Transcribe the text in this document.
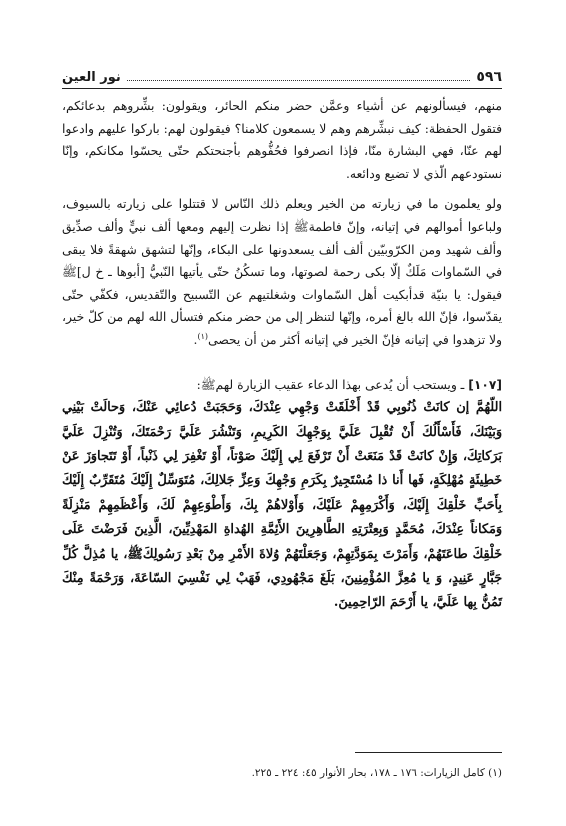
٥٩٦
نور العين

منهم، فيسألونهم عن أشياء وعمَّن حضر منكم الحائر، ويقولون: بشِّروهم بدعائكم، فتقول الحفظة: كيف نبشِّرهم وهم لا يسمعون كلامنا؟ فيقولون لهم: باركوا عليهم وادعوا لهم عنّا، فهي البشارة منّا، فإذا انصرفوا فحُفُّوهم بأجنحتكم حتّى يحسّوا مكانكم، وإنّا نستودعهم الّذي لا تضيع ودائعه.

ولو يعلمون ما في زيارته من الخير ويعلم ذلك النّاس لا قتتلوا على زيارته بالسيوف، ولباعوا أموالهم في إتيانه، وإنّ فاطمةﷺ إذا نظرت إليهم ومعها ألف نبيٍّ وألف صدِّيق وألف شهيد ومن الكرّوبيّين ألف ألف يسعدونها على البكاء، وإنّها لتشهق شهقةً فلا يبقى في السّماوات مَلَكٌ إلّا بكى رحمة لصوتها، وما تسكُنُ حتّى يأتيها النّبيُّ [أبوها ـ خ ل]ﷺ فيقول: يا بنيّة قدأبكيت أهل السّماوات وشغلتيهم عن التّسبيح والتّقديس، فكفّي حتّى يقدّسوا، فإنّ الله بالغ أمره، وإنّها لتنظر إلى من حضر منكم فتسأل الله لهم من كلّ خير، ولا تزهدوا في إتيانه فإنّ الخير في إتيانه أكثر من أن يحصى$^{(١)}$.

[١٠٧] ـ ويستحب أن يُدعى بهذا الدعاء عقيب الزيارة لهمﷺ:

اللّهُمَّ إن كانَتْ ذُنُوبِي قَدْ أَخْلَقَتْ وَجْهِي عِنْدَكَ، وَحَجَبَتْ دُعائِي عَنْكَ، وَحالَتْ بَيْنِي وَبَيْنَكَ، فَأَسْأَلُكَ أَنْ تُقْبِلَ عَلَيَّ بِوَجْهِكَ الكَرِيمِ، وَتَنْشُرَ عَلَيَّ رَحْمَتَكَ، وَتُنْزِلَ عَلَيَّ بَرَكاتِكَ، وَإِنْ كانَتْ قَدْ مَنَعَتْ أَنْ تَرْفَعَ لِي إِلَيْكَ صَوْتاً، أَوْ تَغْفِرَ لِي ذَنْباً، أَوْ تَتَجاوَزَ عَنْ خَطِيئَةٍ مُهْلِكَةٍ، فَها أَنا ذا مُسْتَجِيرٌ بِكَرَمِ وَجْهِكَ وَعِزِّ جَلالِكَ، مُتَوَسِّلٌ إِلَيْكَ مُتَقَرِّبٌ إِلَيْكَ بِأَحَبِّ خَلْقِكَ إِلَيْكَ، وَأَكْرَمِهِمْ عَلَيْكَ، وَأَوْلاهُمْ بِكَ، وَأَطْوَعِهِمْ لَكَ، وَأَعْظَمِهِمْ مَنْزِلَةً وَمَكاناً عِنْدَكَ، مُحَمَّدٍ وَبِعِتْرَتِهِ الطَّاهِرِينَ الأَئِمَّةِ الهُداةِ المَهْدِيِّينَ، الَّذِينَ فَرَضْتَ عَلَى خَلْقِكَ طاعَتَهُمْ، وَأَمَرْتَ بِمَوَدَّتِهِمْ، وَجَعَلْتَهُمْ وُلاةَ الأَمْرِ مِنْ بَعْدِ رَسُولِكَﷺ، يا مُذِلَّ كُلِّ جَبَّارٍ عَنِيدٍ، وَ يا مُعِزَّ المُؤْمِنِينَ، بَلَغَ مَجْهُودِي، فَهَبْ لِي نَفْسِيَ السّاعَةَ، وَرَحْمَةً مِنْكَ تَمُنُّ بِها عَلَيَّ، يا أَرْحَمَ الرّاحِمِينَ.

(١) كامل الزيارات: ١٧٦ ـ ١٧٨، بحار الأنوار ٤٥: ٢٢٤ ـ ٢٢٥.
